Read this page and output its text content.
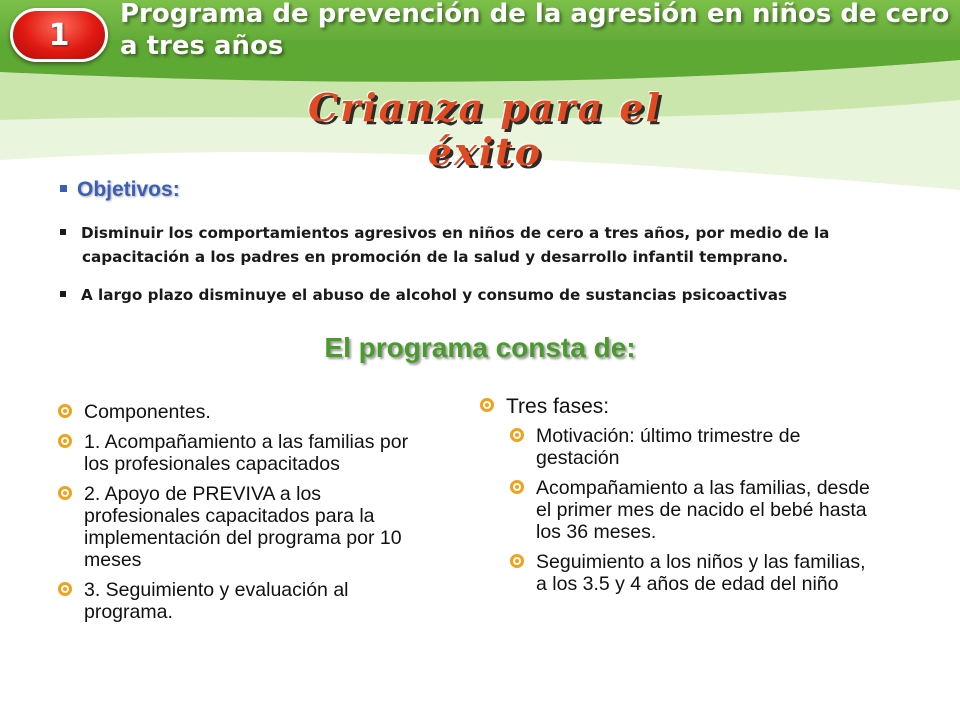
1
Programa de prevención de la agresión en niños de cero a tres años
Crianza para el éxito
Objetivos:
Disminuir los comportamientos agresivos en niños de cero a tres años, por medio de la capacitación a los padres en promoción de la salud y desarrollo infantil temprano.
A largo plazo disminuye el abuso de alcohol y consumo de sustancias psicoactivas
El programa consta de:
Componentes.
1. Acompañamiento a las familias por los profesionales capacitados
2. Apoyo de PREVIVA a los profesionales capacitados para la implementación del programa por 10 meses
3. Seguimiento y evaluación al programa.
Tres fases:
Motivación: último trimestre de gestación
Acompañamiento a las familias, desde el primer mes de nacido el bebé hasta los 36 meses.
Seguimiento a los niños y las familias, a los 3.5 y 4 años de edad del niño
